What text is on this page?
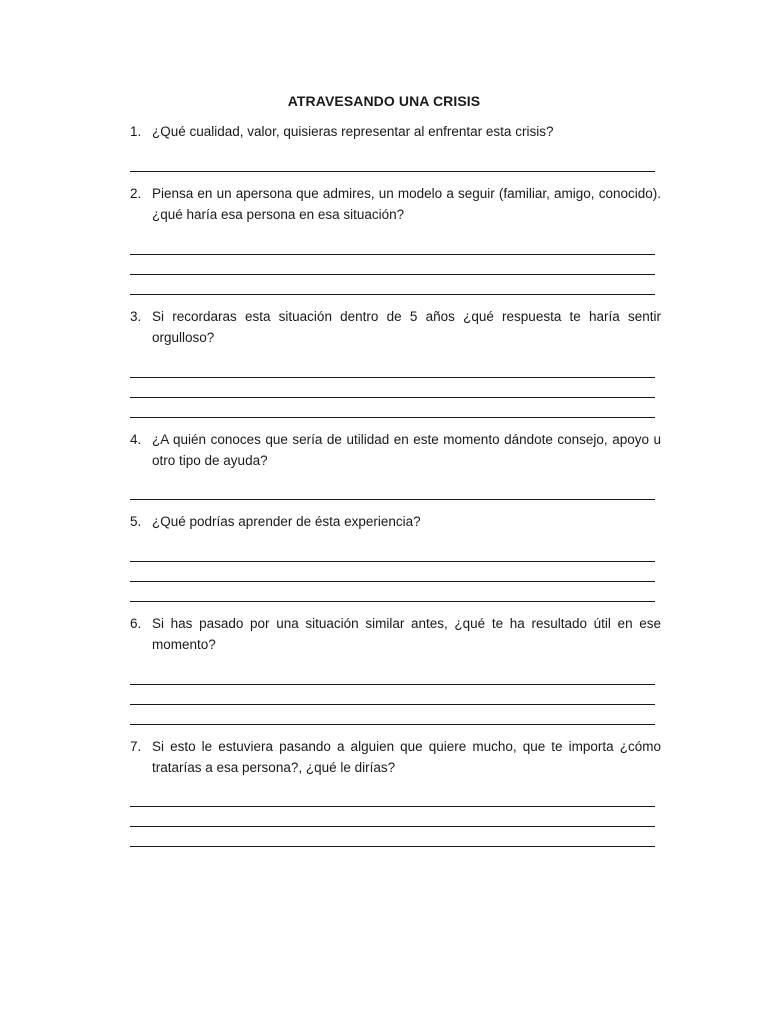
ATRAVESANDO UNA CRISIS
1. ¿Qué cualidad, valor, quisieras representar al enfrentar esta crisis?
2. Piensa en un apersona que admires, un modelo a seguir (familiar, amigo, conocido). ¿qué haría esa persona en esa situación?
3. Si recordaras esta situación dentro de 5 años ¿qué respuesta te haría sentir orgulloso?
4. ¿A quién conoces que sería de utilidad en este momento dándote consejo, apoyo u otro tipo de ayuda?
5. ¿Qué podrías aprender de ésta experiencia?
6. Si has pasado por una situación similar antes, ¿qué te ha resultado útil en ese momento?
7. Si esto le estuviera pasando a alguien que quiere mucho, que te importa ¿cómo tratarías a esa persona?, ¿qué le dirías?
